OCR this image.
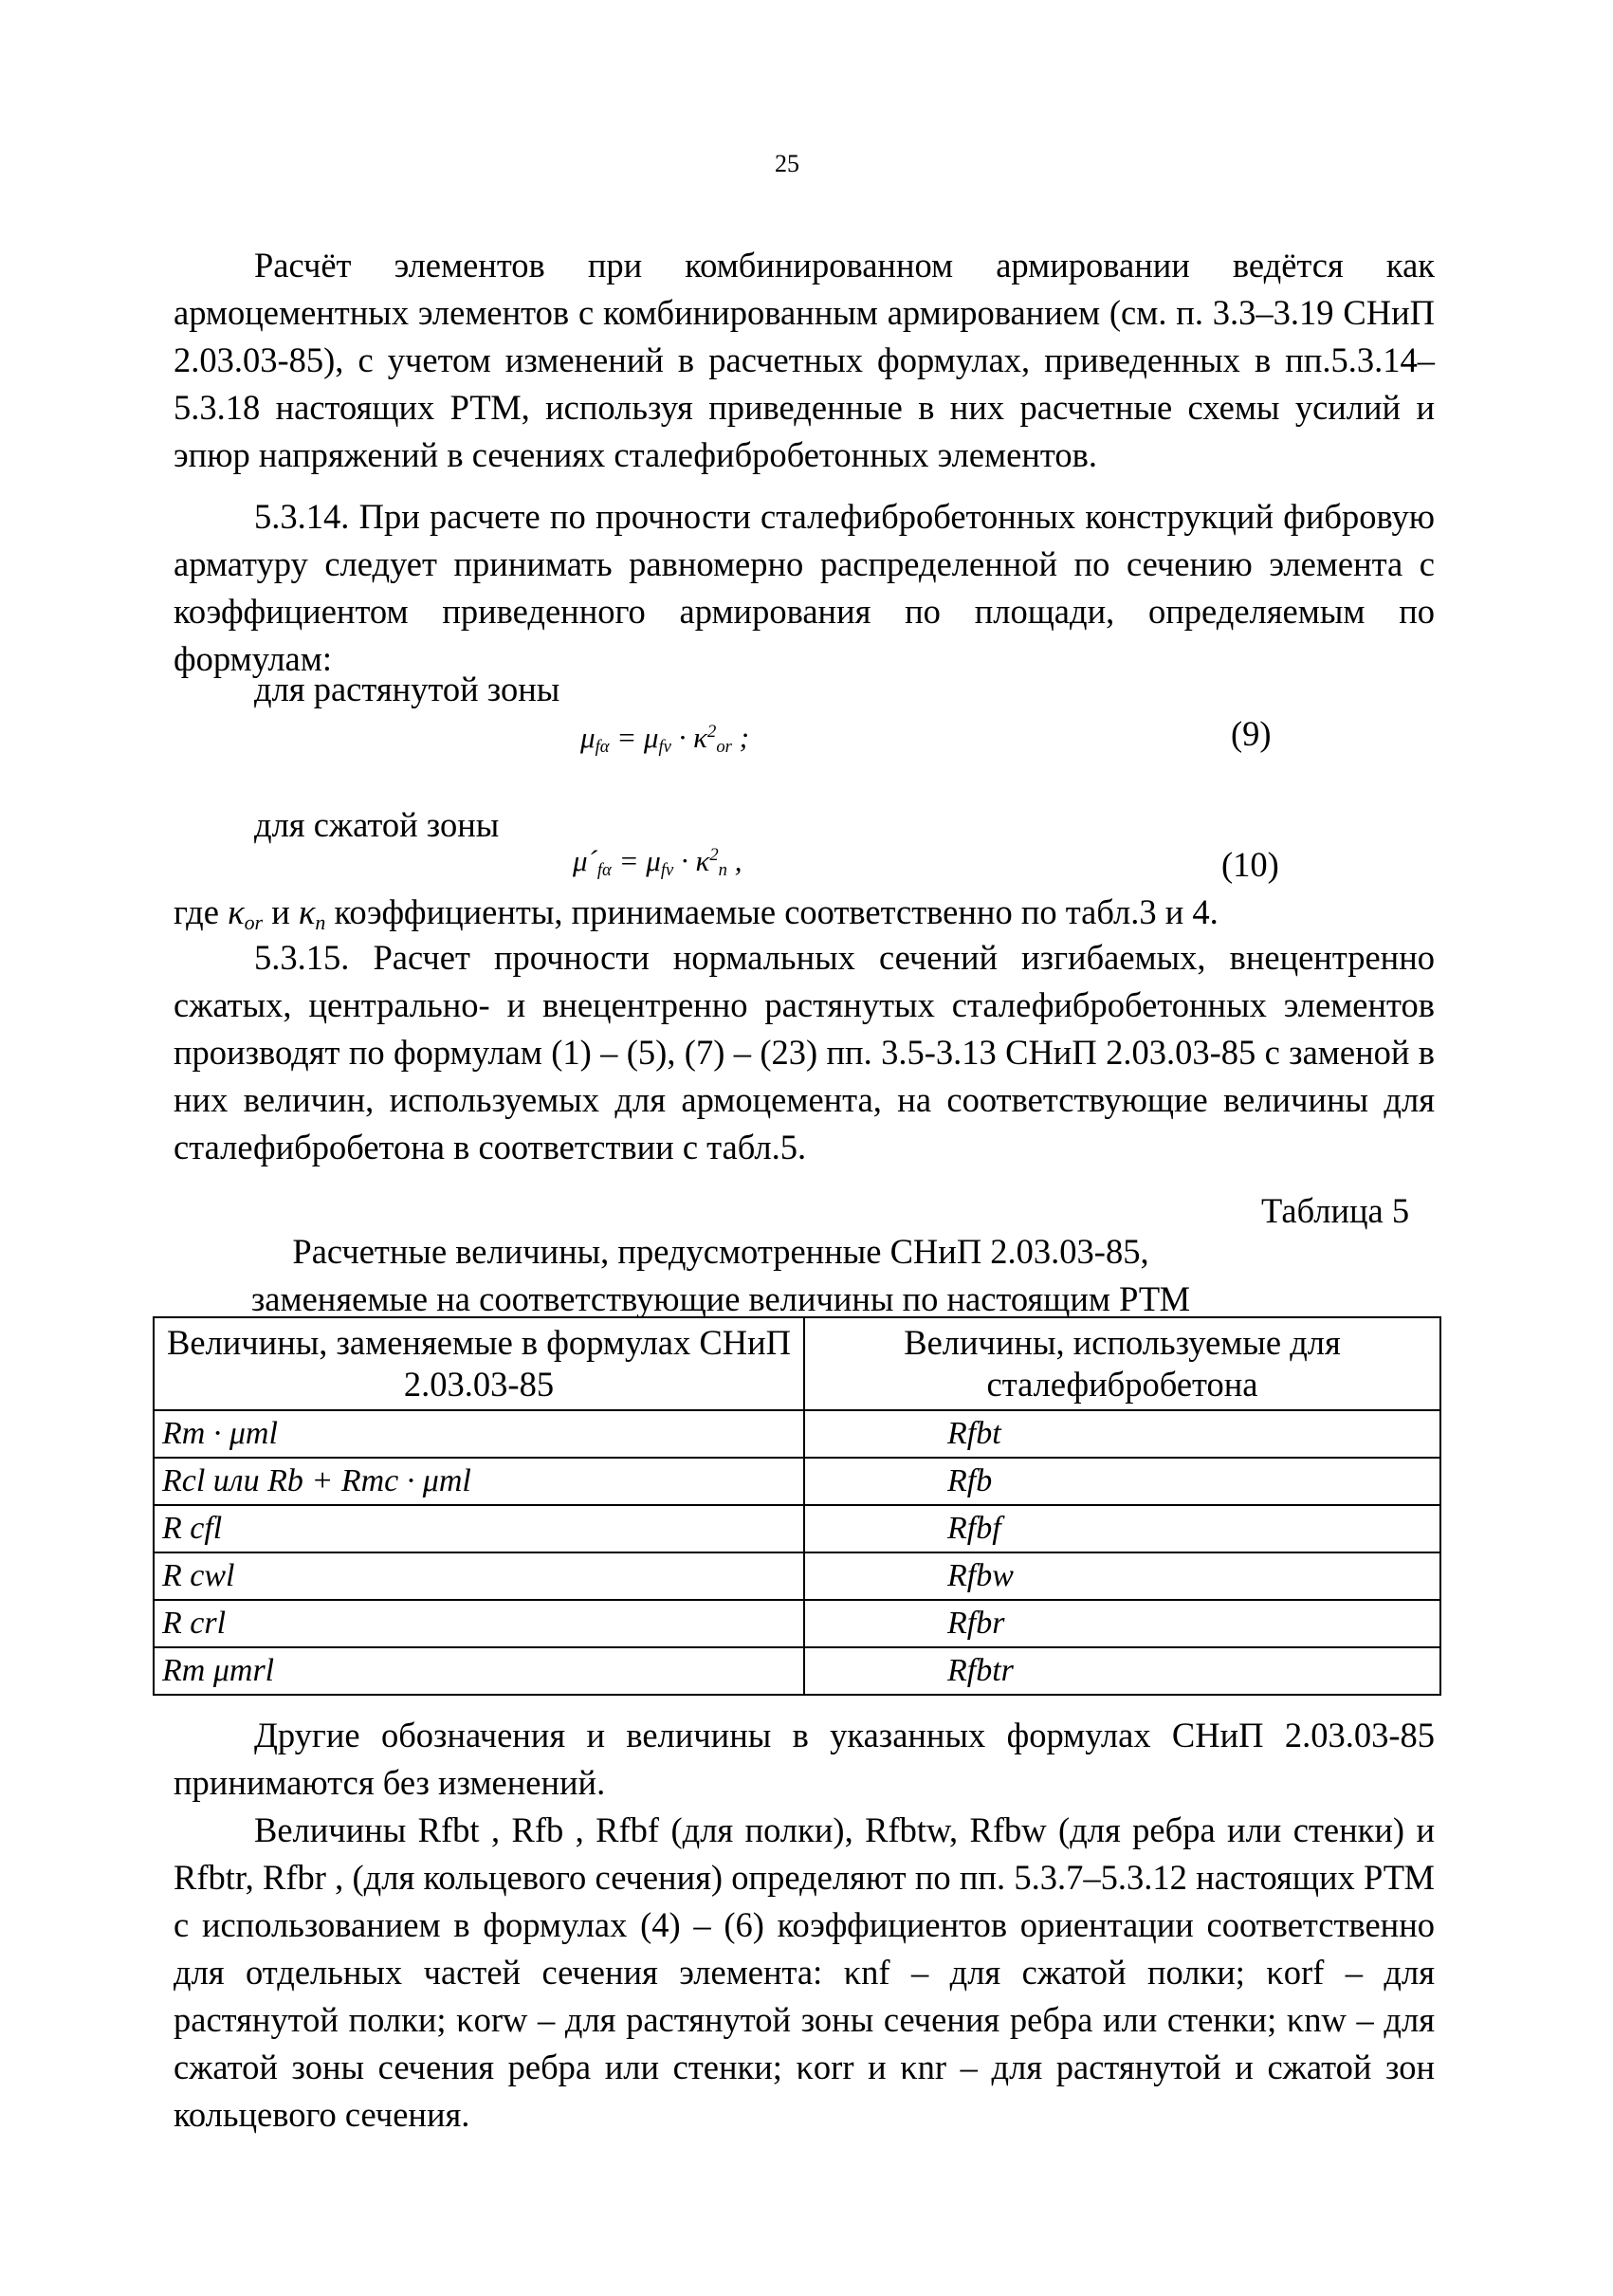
25

Расчёт элементов при комбинированном армировании ведётся как армоцементных элементов с комбинированным армированием (см. п. 3.3–3.19 СНиП 2.03.03-85), с учетом изменений в расчетных формулах, приведенных в пп.5.3.14–5.3.18 настоящих РТМ, используя приведенные в них расчетные схемы усилий и эпюр напряжений в сечениях сталефибробетонных элементов.

5.3.14. При расчете по прочности сталефибробетонных конструкций фибровую арматуру следует принимать равномерно распределенной по сечению элемента с коэффициентом приведенного армирования по площади, определяемым по формулам:

для растянутой зоны
$\mu_{f\alpha} = \mu_{fv} \cdot \kappa^2_{or}$ ;	(9)
для сжатой зоны
$\mu´_{f\alpha} = \mu_{fv} \cdot \kappa^2_n$ ,	(10)
где $\kappa_{or}$ и $\kappa_n$ коэффициенты, принимаемые соответственно по табл.3 и 4.

5.3.15. Расчет прочности нормальных сечений изгибаемых, внецентренно сжатых, центрально- и внецентренно растянутых сталефибробетонных элементов производят по формулам (1) – (5), (7) – (23) пп. 3.5-3.13 СНиП 2.03.03-85 с заменой в них величин, используемых для армоцемента, на соответствующие величины для сталефибробетона в соответствии с табл.5.

Таблица 5
Расчетные величины, предусмотренные СНиП 2.03.03-85,
заменяемые на соответствующие величины по настоящим РТМ
Величины, заменяемые в формулах СНиП 2.03.03-85	Величины, используемые для сталефибробетона
Rm · μml	Rfbt
Rcl или Rb + Rmc · μml	Rfb
R cfl	Rfbf
R cwl	Rfbw
R crl	Rfbr
Rm μmrl	Rfbtr

Другие обозначения и величины в указанных формулах СНиП 2.03.03-85 принимаются без изменений.

Величины Rfbt , Rfb , Rfbf (для полки), Rfbtw, Rfbw (для ребра или стенки) и Rfbtr, Rfbr , (для кольцевого сечения) определяют по пп. 5.3.7–5.3.12 настоящих РТМ с использованием в формулах (4) – (6) коэффициентов ориентации соответственно для отдельных частей сечения элемента: κnf – для сжатой полки; κorf – для растянутой полки; κorw – для растянутой зоны сечения ребра или стенки; κnw – для сжатой зоны сечения ребра или стенки; κorr и κnr – для растянутой и сжатой зон кольцевого сечения.
